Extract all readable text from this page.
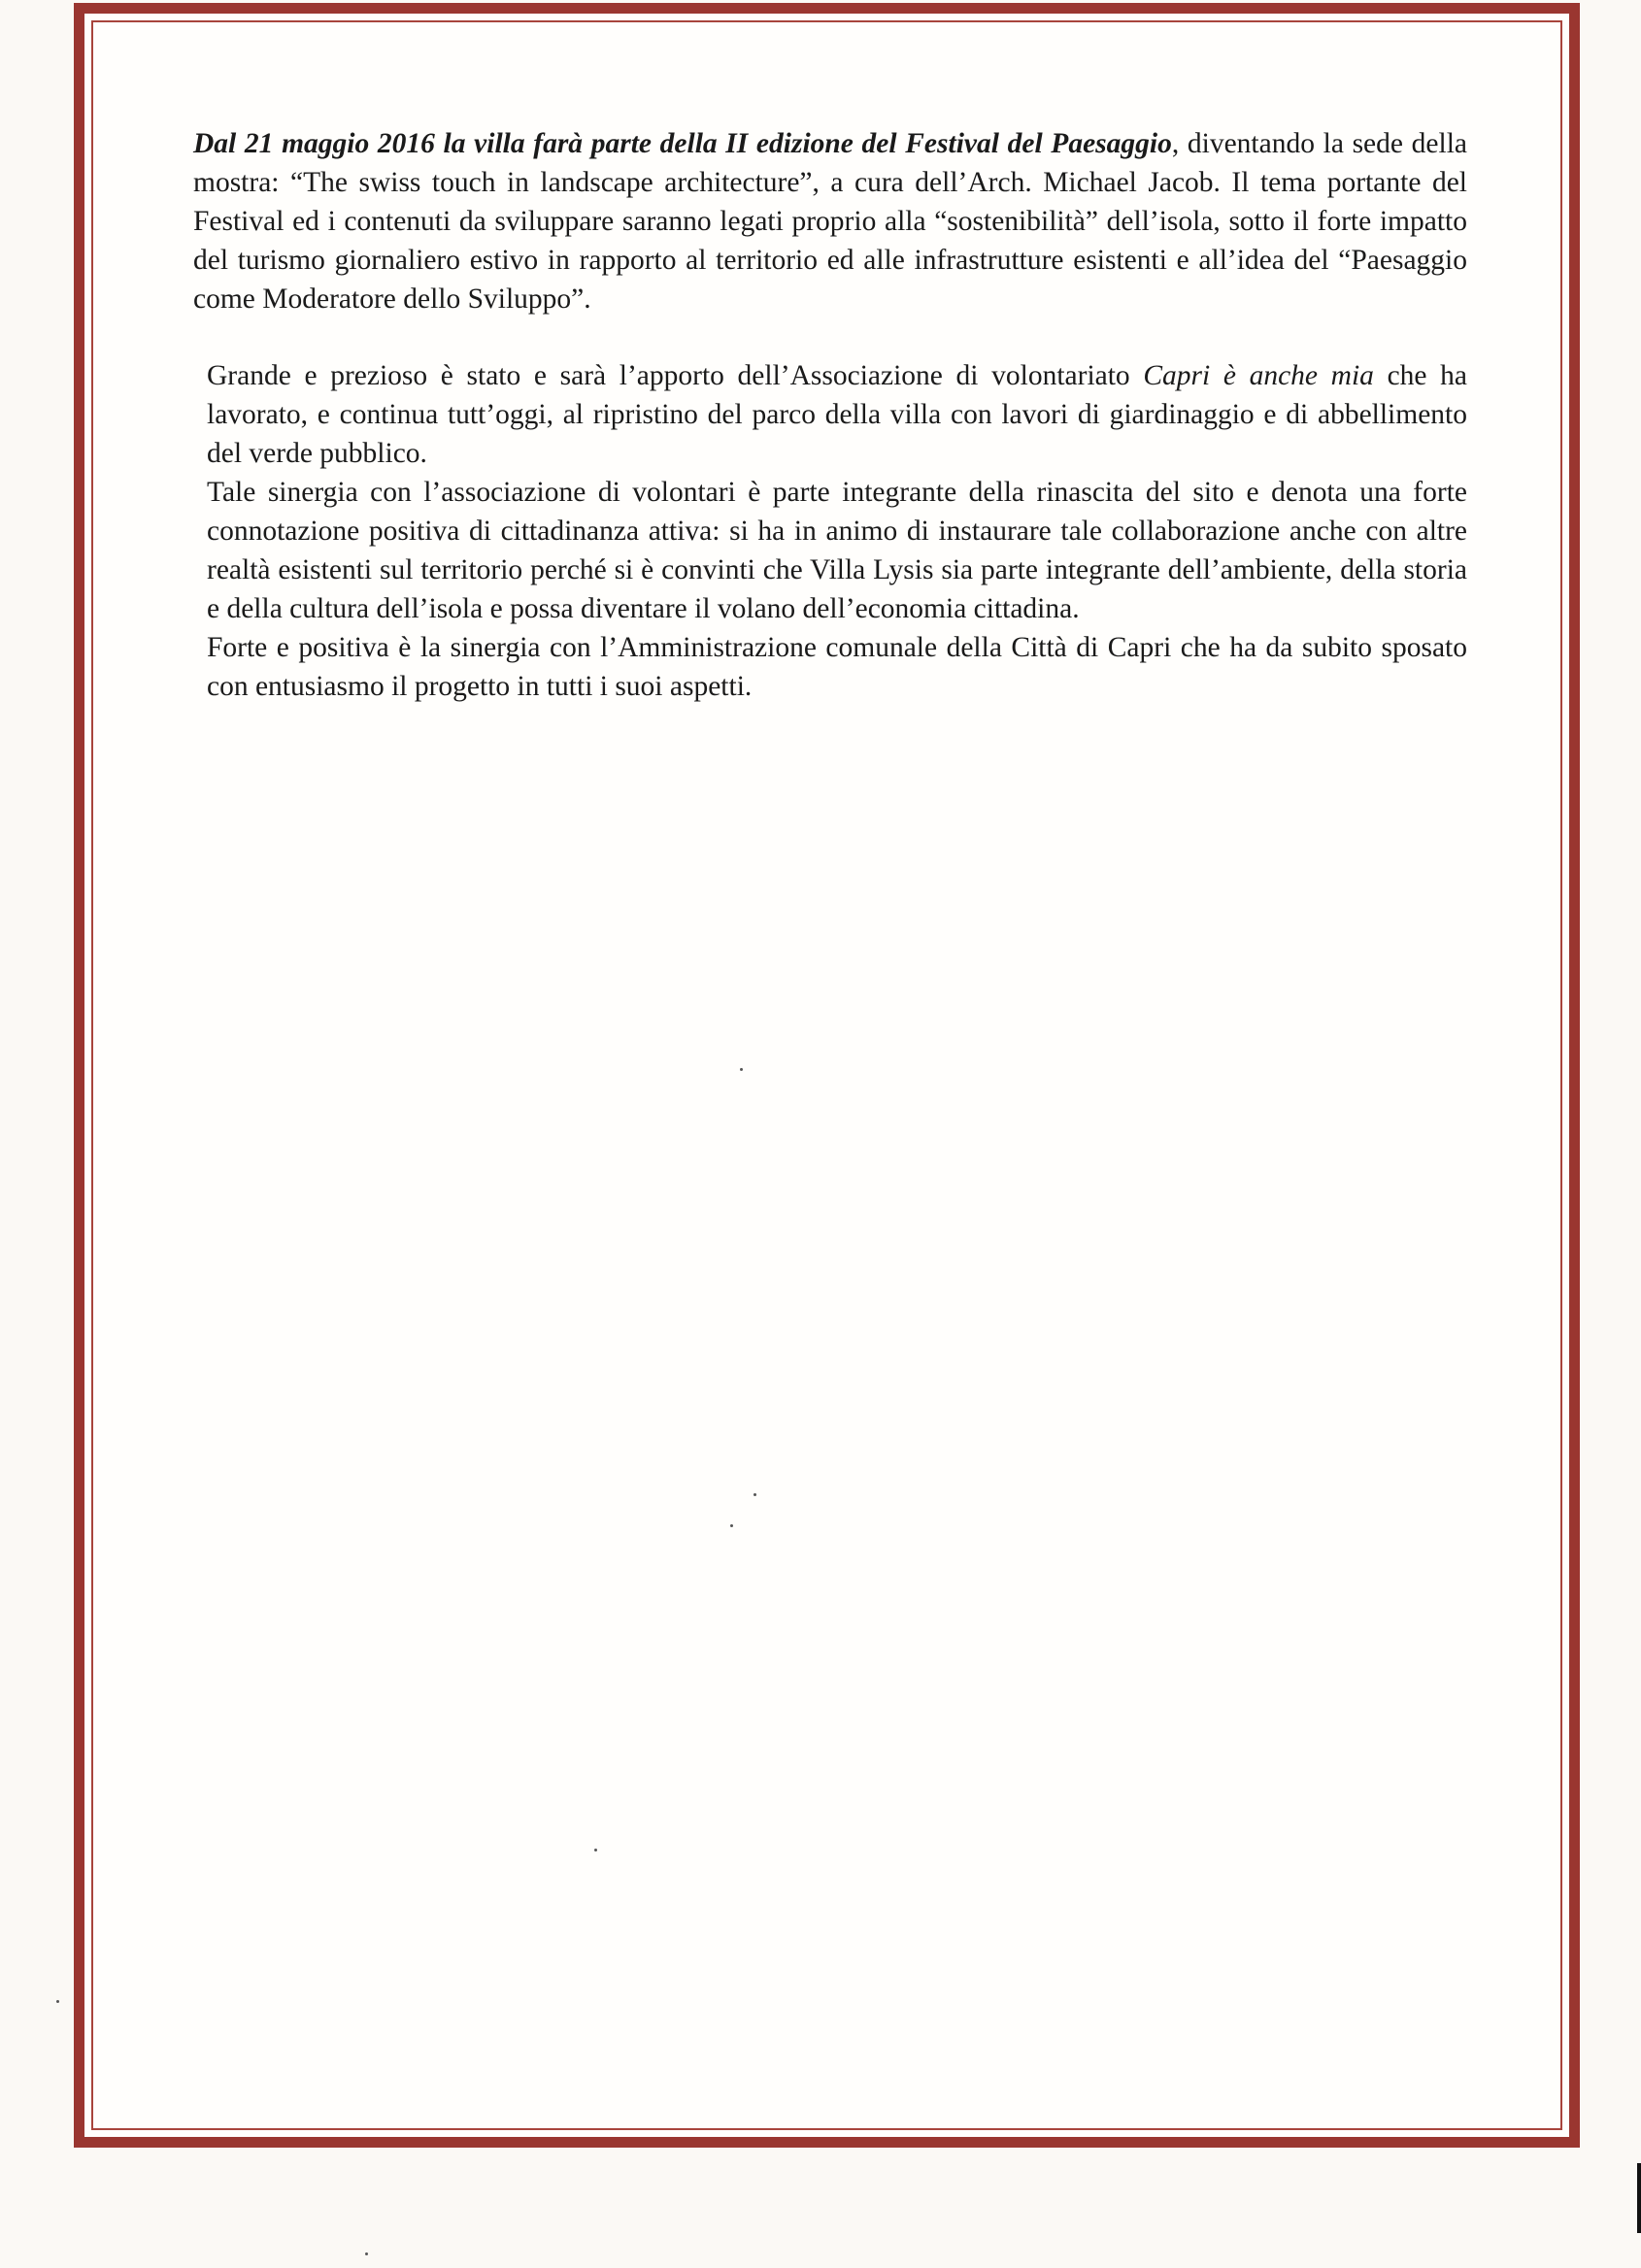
Dal 21 maggio 2016 la villa farà parte della II edizione del Festival del Paesaggio, diventando la sede della mostra: “The swiss touch in landscape architecture”, a cura dell’Arch. Michael Jacob. Il tema portante del Festival ed i contenuti da sviluppare saranno legati proprio alla “sostenibilità” dell’isola, sotto il forte impatto del turismo giornaliero estivo in rapporto al territorio ed alle infrastrutture esistenti e all’idea del “Paesaggio come Moderatore dello Sviluppo”.

Grande e prezioso è stato e sarà l’apporto dell’Associazione di volontariato Capri è anche mia che ha lavorato, e continua tutt’oggi, al ripristino del parco della villa con lavori di giardinaggio e di abbellimento del verde pubblico.

Tale sinergia con l’associazione di volontari è parte integrante della rinascita del sito e denota una forte connotazione positiva di cittadinanza attiva: si ha in animo di instaurare tale collaborazione anche con altre realtà esistenti sul territorio perché si è convinti che Villa Lysis sia parte integrante dell’ambiente, della storia e della cultura dell’isola e possa diventare il volano dell’economia cittadina.

Forte e positiva è la sinergia con l’Amministrazione comunale della Città di Capri che ha da subito sposato con entusiasmo il progetto in tutti i suoi aspetti.
